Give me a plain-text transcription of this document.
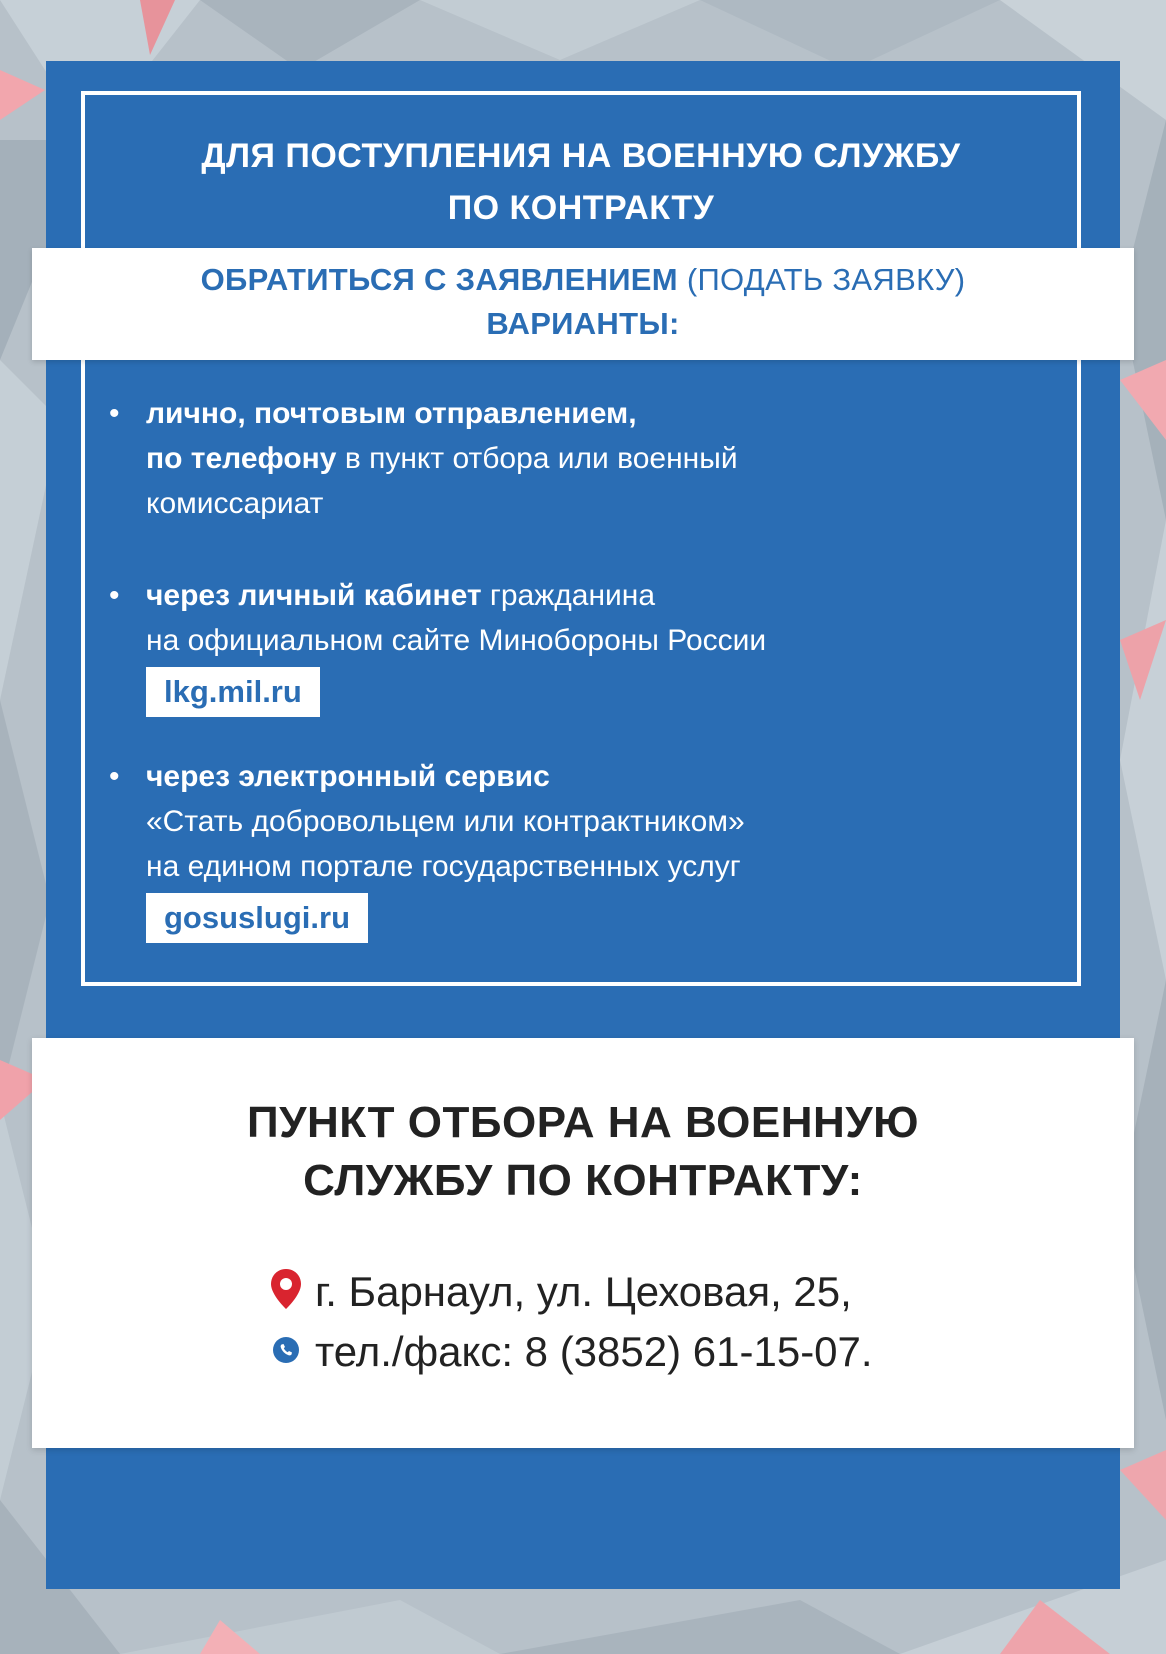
ДЛЯ ПОСТУПЛЕНИЯ НА ВОЕННУЮ СЛУЖБУ
ПО КОНТРАКТУ
ОБРАТИТЬСЯ С ЗАЯВЛЕНИЕМ (ПОДАТЬ ЗАЯВКУ)
ВАРИАНТЫ:
• лично, почтовым отправлением,
по телефону в пункт отбора или военный
комиссариат
• через личный кабинет гражданина
на официальном сайте Минобороны России
lkg.mil.ru
• через электронный сервис
«Стать добровольцем или контрактником»
на едином портале государственных услуг
gosuslugi.ru
ПУНКТ ОТБОРА НА ВОЕННУЮ
СЛУЖБУ ПО КОНТРАКТУ:
г. Барнаул, ул. Цеховая, 25,
тел./факс: 8 (3852) 61-15-07.
